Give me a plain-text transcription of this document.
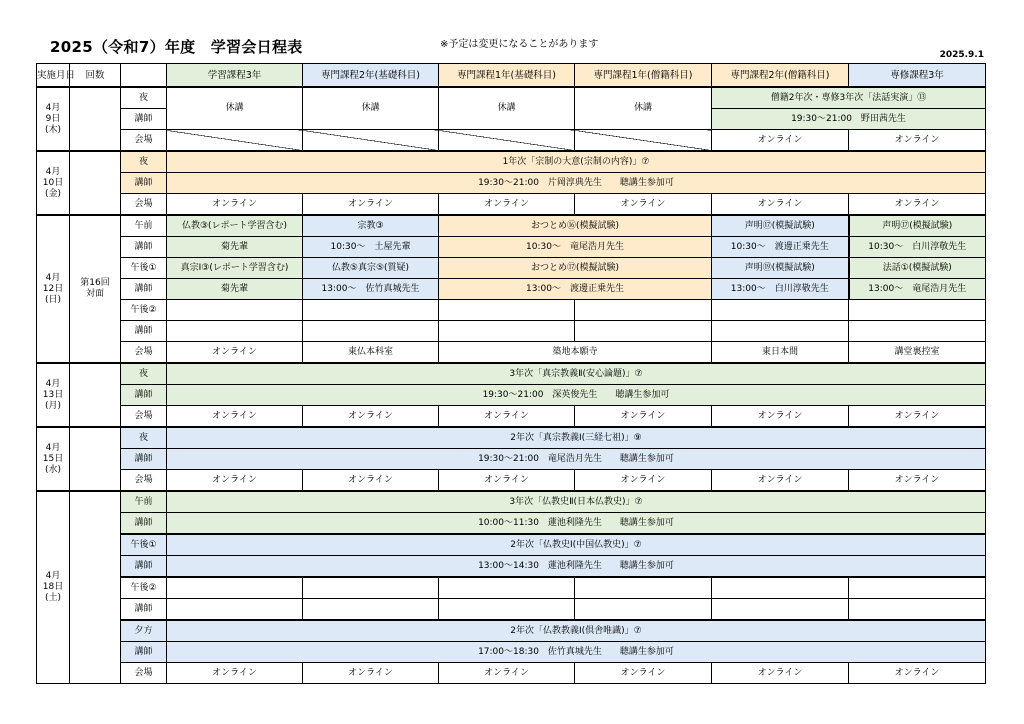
2025（令和7）年度　学習会日程表	※予定は変更になることがあります
2025.9.1
実施月日	回数		学習課程3年	専門課程2年(基礎科目)	専門課程1年(基礎科目)	専門課程1年(僧籍科目)	専門課程2年(僧籍科目)	専修課程3年
4月
9日
(木)		夜	休講	休講	休講	休講	僧籍2年次・専修3年次「法話実演」⑬	
		講師					19:30～21:00　野田茜先生	
		会場					オンライン	オンライン
4月
10日
(金)		夜	1年次「宗制の大意(宗制の内容)」⑦					
		講師	19:30～21:00　片岡淳典先生　　聴講生参加可					
		会場	オンライン	オンライン	オンライン	オンライン	オンライン	オンライン
4月
12日
(日)	第16回
対面	午前	仏教③(レポート学習含む)	宗教③	おつとめ⑯(模擬試験)		声明⑰(模擬試験)	声明⑰(模擬試験)
		講師	菊先輩	10:30～　土屋先輩	10:30～　竜尾浩月先生		10:30～　渡邊正乗先生	10:30～　白川淳敬先生
		午後①	真宗Ⅰ③(レポート学習含む)	仏教⑤真宗⑤(質疑)	おつとめ⑰(模擬試験)		声明⑲(模擬試験)	法話①(模擬試験)
		講師	菊先輩	13:00～　佐竹真城先生	13:00～　渡邊正乗先生		13:00～　白川淳敬先生	13:00～　竜尾浩月先生
		午後②						
		講師						
		会場	オンライン	東仏本科室	築地本願寺		東日本間	講堂裏控室
4月
13日
(月)		夜	3年次「真宗教義Ⅱ(安心論題)」⑦					
		講師	19:30～21:00　深英俊先生　　聴講生参加可					
		会場	オンライン	オンライン	オンライン	オンライン	オンライン	オンライン
4月
15日
(水)		夜	2年次「真宗教義Ⅰ(三経七祖)」⑨					
		講師	19:30～21:00　竜尾浩月先生　　聴講生参加可					
		会場	オンライン	オンライン	オンライン	オンライン	オンライン	オンライン
4月
18日
(土)		午前	3年次「仏教史Ⅱ(日本仏教史)」⑦					
		講師	10:00～11:30　蓮池利隆先生　　聴講生参加可					
		午後①	2年次「仏教史Ⅰ(中国仏教史)」⑦					
		講師	13:00～14:30　蓮池利隆先生　　聴講生参加可					
		午後②						
		講師						
		夕方	2年次「仏教教義Ⅰ(倶舎唯識)」⑦					
		講師	17:00～18:30　佐竹真城先生　　聴講生参加可					
		会場	オンライン	オンライン	オンライン	オンライン	オンライン	オンライン
